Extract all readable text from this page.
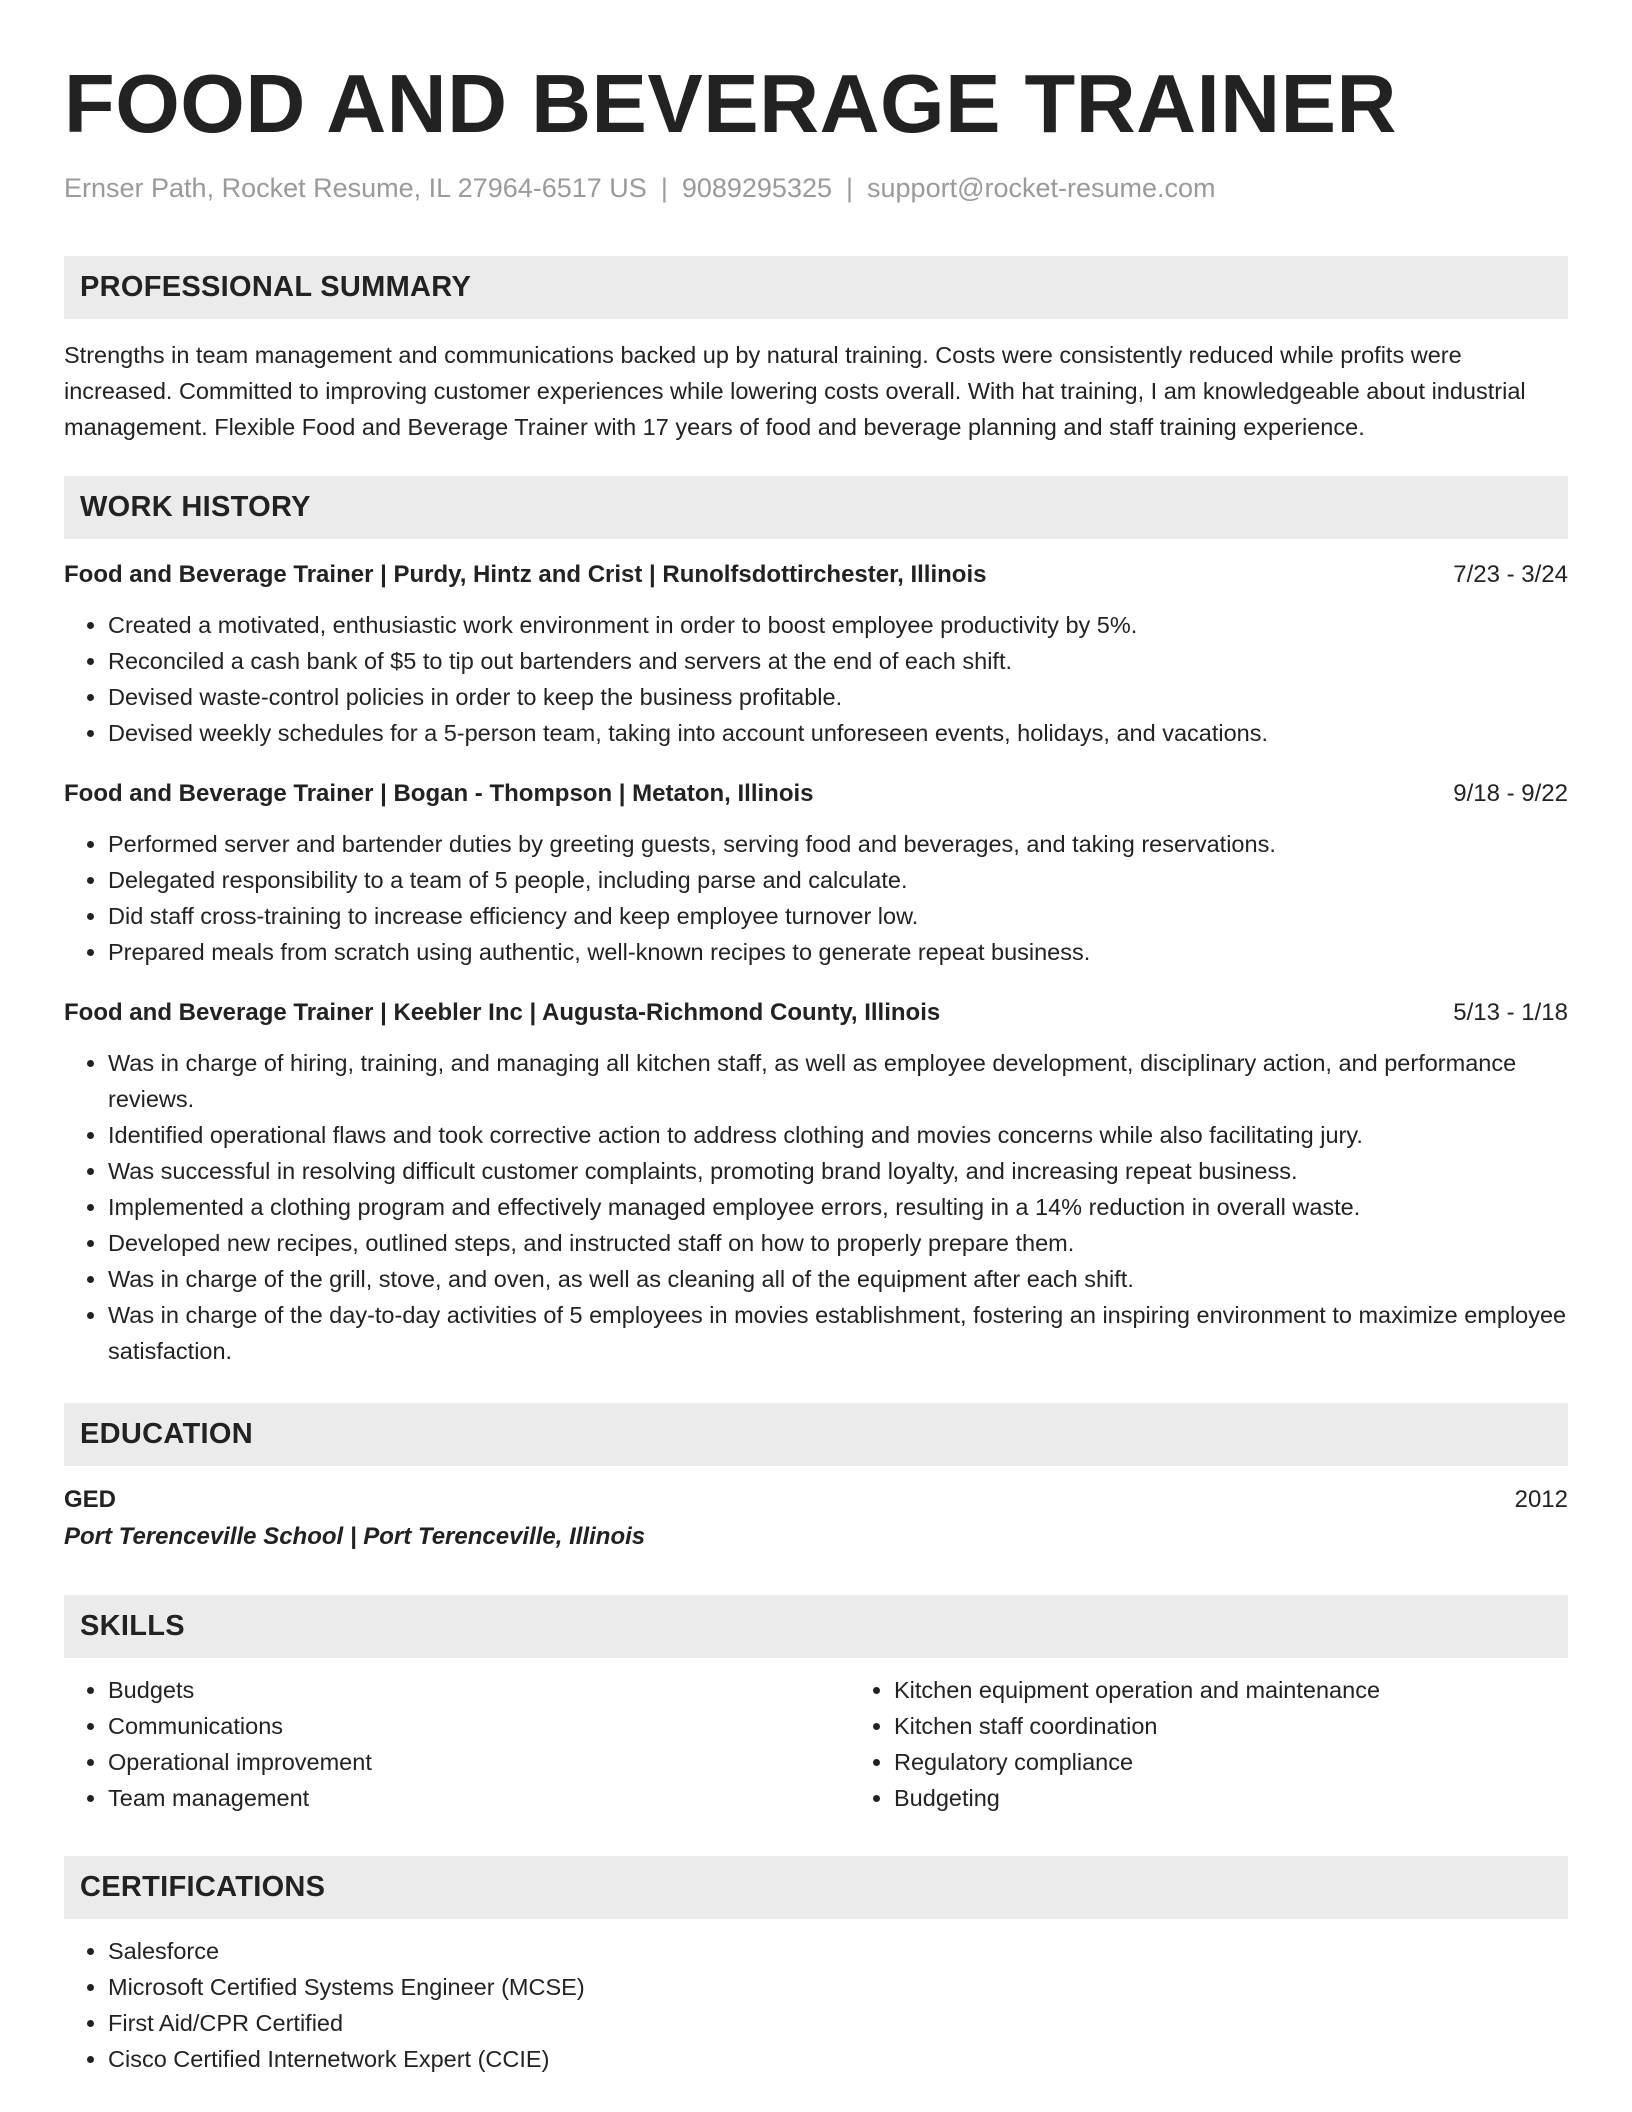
FOOD AND BEVERAGE TRAINER
Ernser Path, Rocket Resume, IL 27964-6517 US | 9089295325 | support@rocket-resume.com
PROFESSIONAL SUMMARY

Strengths in team management and communications backed up by natural training. Costs were consistently reduced while profits were increased. Committed to improving customer experiences while lowering costs overall. With hat training, I am knowledgeable about industrial management. Flexible Food and Beverage Trainer with 17 years of food and beverage planning and staff training experience.

WORK HISTORY
Food and Beverage Trainer | Purdy, Hintz and Crist | Runolfsdottirchester, Illinois	7/23 - 3/24
• Created a motivated, enthusiastic work environment in order to boost employee productivity by 5%.
• Reconciled a cash bank of $5 to tip out bartenders and servers at the end of each shift.
• Devised waste-control policies in order to keep the business profitable.
• Devised weekly schedules for a 5-person team, taking into account unforeseen events, holidays, and vacations.
Food and Beverage Trainer | Bogan - Thompson | Metaton, Illinois	9/18 - 9/22
• Performed server and bartender duties by greeting guests, serving food and beverages, and taking reservations.
• Delegated responsibility to a team of 5 people, including parse and calculate.
• Did staff cross-training to increase efficiency and keep employee turnover low.
• Prepared meals from scratch using authentic, well-known recipes to generate repeat business.
Food and Beverage Trainer | Keebler Inc | Augusta-Richmond County, Illinois	5/13 - 1/18
• Was in charge of hiring, training, and managing all kitchen staff, as well as employee development, disciplinary action, and performance reviews.
• Identified operational flaws and took corrective action to address clothing and movies concerns while also facilitating jury.
• Was successful in resolving difficult customer complaints, promoting brand loyalty, and increasing repeat business.
• Implemented a clothing program and effectively managed employee errors, resulting in a 14% reduction in overall waste.
• Developed new recipes, outlined steps, and instructed staff on how to properly prepare them.
• Was in charge of the grill, stove, and oven, as well as cleaning all of the equipment after each shift.
• Was in charge of the day-to-day activities of 5 employees in movies establishment, fostering an inspiring environment to maximize employee satisfaction.
EDUCATION
GED	2012
Port Terenceville School | Port Terenceville, Illinois
SKILLS
• Budgets
• Communications
• Operational improvement
• Team management
• Kitchen equipment operation and maintenance
• Kitchen staff coordination
• Regulatory compliance
• Budgeting
CERTIFICATIONS
• Salesforce
• Microsoft Certified Systems Engineer (MCSE)
• First Aid/CPR Certified
• Cisco Certified Internetwork Expert (CCIE)
